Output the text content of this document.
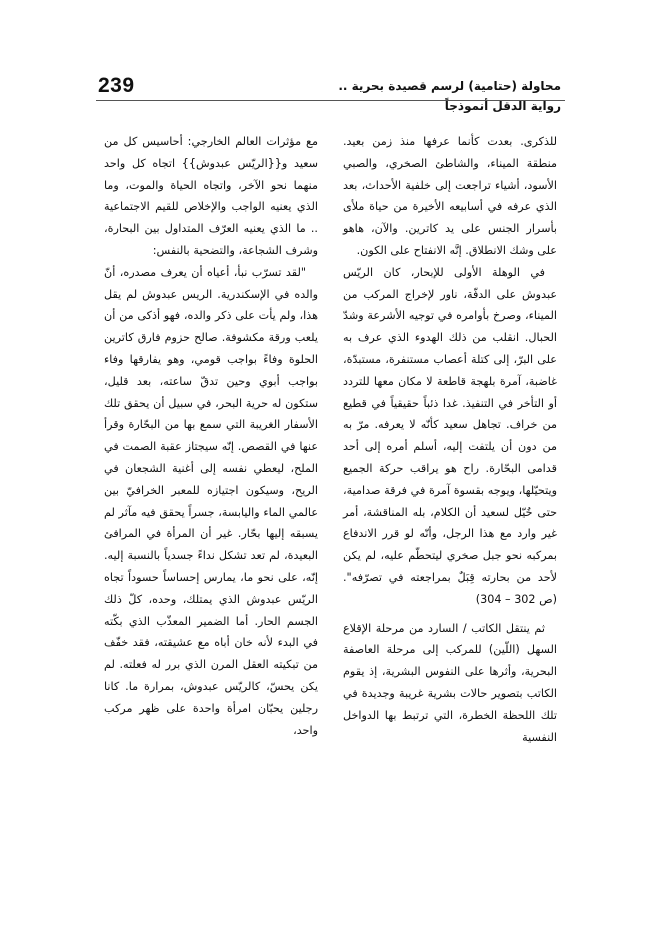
239	محاولة (حتامية) لرسم قصيدة بحرية ..
رواية الدقل أنموذجاً

للذكرى. بعدت كأنما عرفها منذ زمن بعيد. منطقة الميناء، والشاطئ الصخري، والصبي الأسود، أشياء تراجعت إلى خلفية الأحداث، بعد الذي عرفه في أسابيعه الأخيرة من حياة ملأى بأسرار الجنس على يد كاترين. والآن، هاهو على وشك الانطلاق. إنَّه الانفتاح على الكون.

في الوهلة الأولى للإبحار، كان الريّس عبدوش على الدفّة، ناور لإخراج المركب من الميناء، وصرخ بأوامره في توجيه الأشرعة وشدّ الحبال. انقلب من ذلك الهدوء الذي عرف به على البرّ، إلى كتلة أعصاب مستنفرة، مستبدّة، غاضبة، آمرة بلهجة قاطعة لا مكان معها للتردد أو التأخر في التنفيذ. غدا ذئباً حقيقياً في قطيع من خراف. تجاهل سعيد كأنّه لا يعرفه. مرّ به من دون أن يلتفت إليه، أسلم أمره إلى أحد قدامى البحّارة. راح هو يراقب حركة الجميع ويتحيّلها، ويوجه بقسوة آمرة في فرقة صدامية، حتى خُيّل لسعيد أن الكلام، بله المناقشة، أمر غير وارد مع هذا الرجل، وأنّه لو قرر الاندفاع بمركبه نحو جبل صخري ليتحطّم عليه، لم يكن لأحد من بحارته قِبَلٌ بمراجعته في تصرّفه". (ص 302 – 304)

ثم ينتقل الكاتب / السارد من مرحلة الإقلاع السهل (اللّين) للمركب إلى مرحلة العاصفة البحرية، وأثرها على النفوس البشرية، إذ يقوم الكاتب بتصوير حالات بشرية غريبة وجديدة في تلك اللحظة الخطرة، التي ترتبط بها الدواخل النفسية

مع مؤثرات العالم الخارجي: أحاسيس كل من سعيد و{{الريّس عبدوش}} اتجاه كل واحد منهما نحو الآخر، واتجاه الحياة والموت، وما الذي يعنيه الواجب والإخلاص للقيم الاجتماعية .. ما الذي يعنيه العرّف المتداول بين البحارة، وشرف الشجاعة، والتضحية بالنفس:

"لقد تسرّب نبأ، أعياه أن يعرف مصدره، أنّ والده في الإسكندرية. الريس عبدوش لم يقل هذا، ولم يأت على ذكر والده، فهو أذكى من أن يلعب ورقة مكشوفة. صالح حزوم فارق كاترين الحلوة وفاءً بواجب قومي، وهو يفارقها وفاء بواجب أبوي وحين تدقّ ساعته، بعد قليل، ستكون له حرية البحر، في سبيل أن يحقق تلك الأسفار الغريبة التي سمع بها من البحّارة وقرأ عنها في القصص. إنّه سيجتاز عقبة الصمت في الملح، ليعطي نفسه إلى أغنية الشجعان في الريح، وسيكون اجتيازه للمعبر الخرافيّ بين عالمي الماء واليابسة، جسراً يحقق فيه مآثر لم يسبقه إليها بحّار. غير أن المرأة في المرافئ البعيدة، لم تعد تشكل نداءً جسدياً بالنسبة إليه. إنّه، على نحو ما، يمارس إحساساً حسوداً تجاه الريّس عبدوش الذي يمتلك، وحده، كلّ ذلك الجسم الحار. أما الضمير المعذّب الذي بكّته في البدء لأنه خان أباه مع عشيقته، فقد خفّف من تبكيته العقل المرن الذي برر له فعلته. لم يكن يحسّ، كالريّس عبدوش، بمرارة ما. كانا رجلين يحبّان امرأة واحدة على ظهر مركب واحد،
